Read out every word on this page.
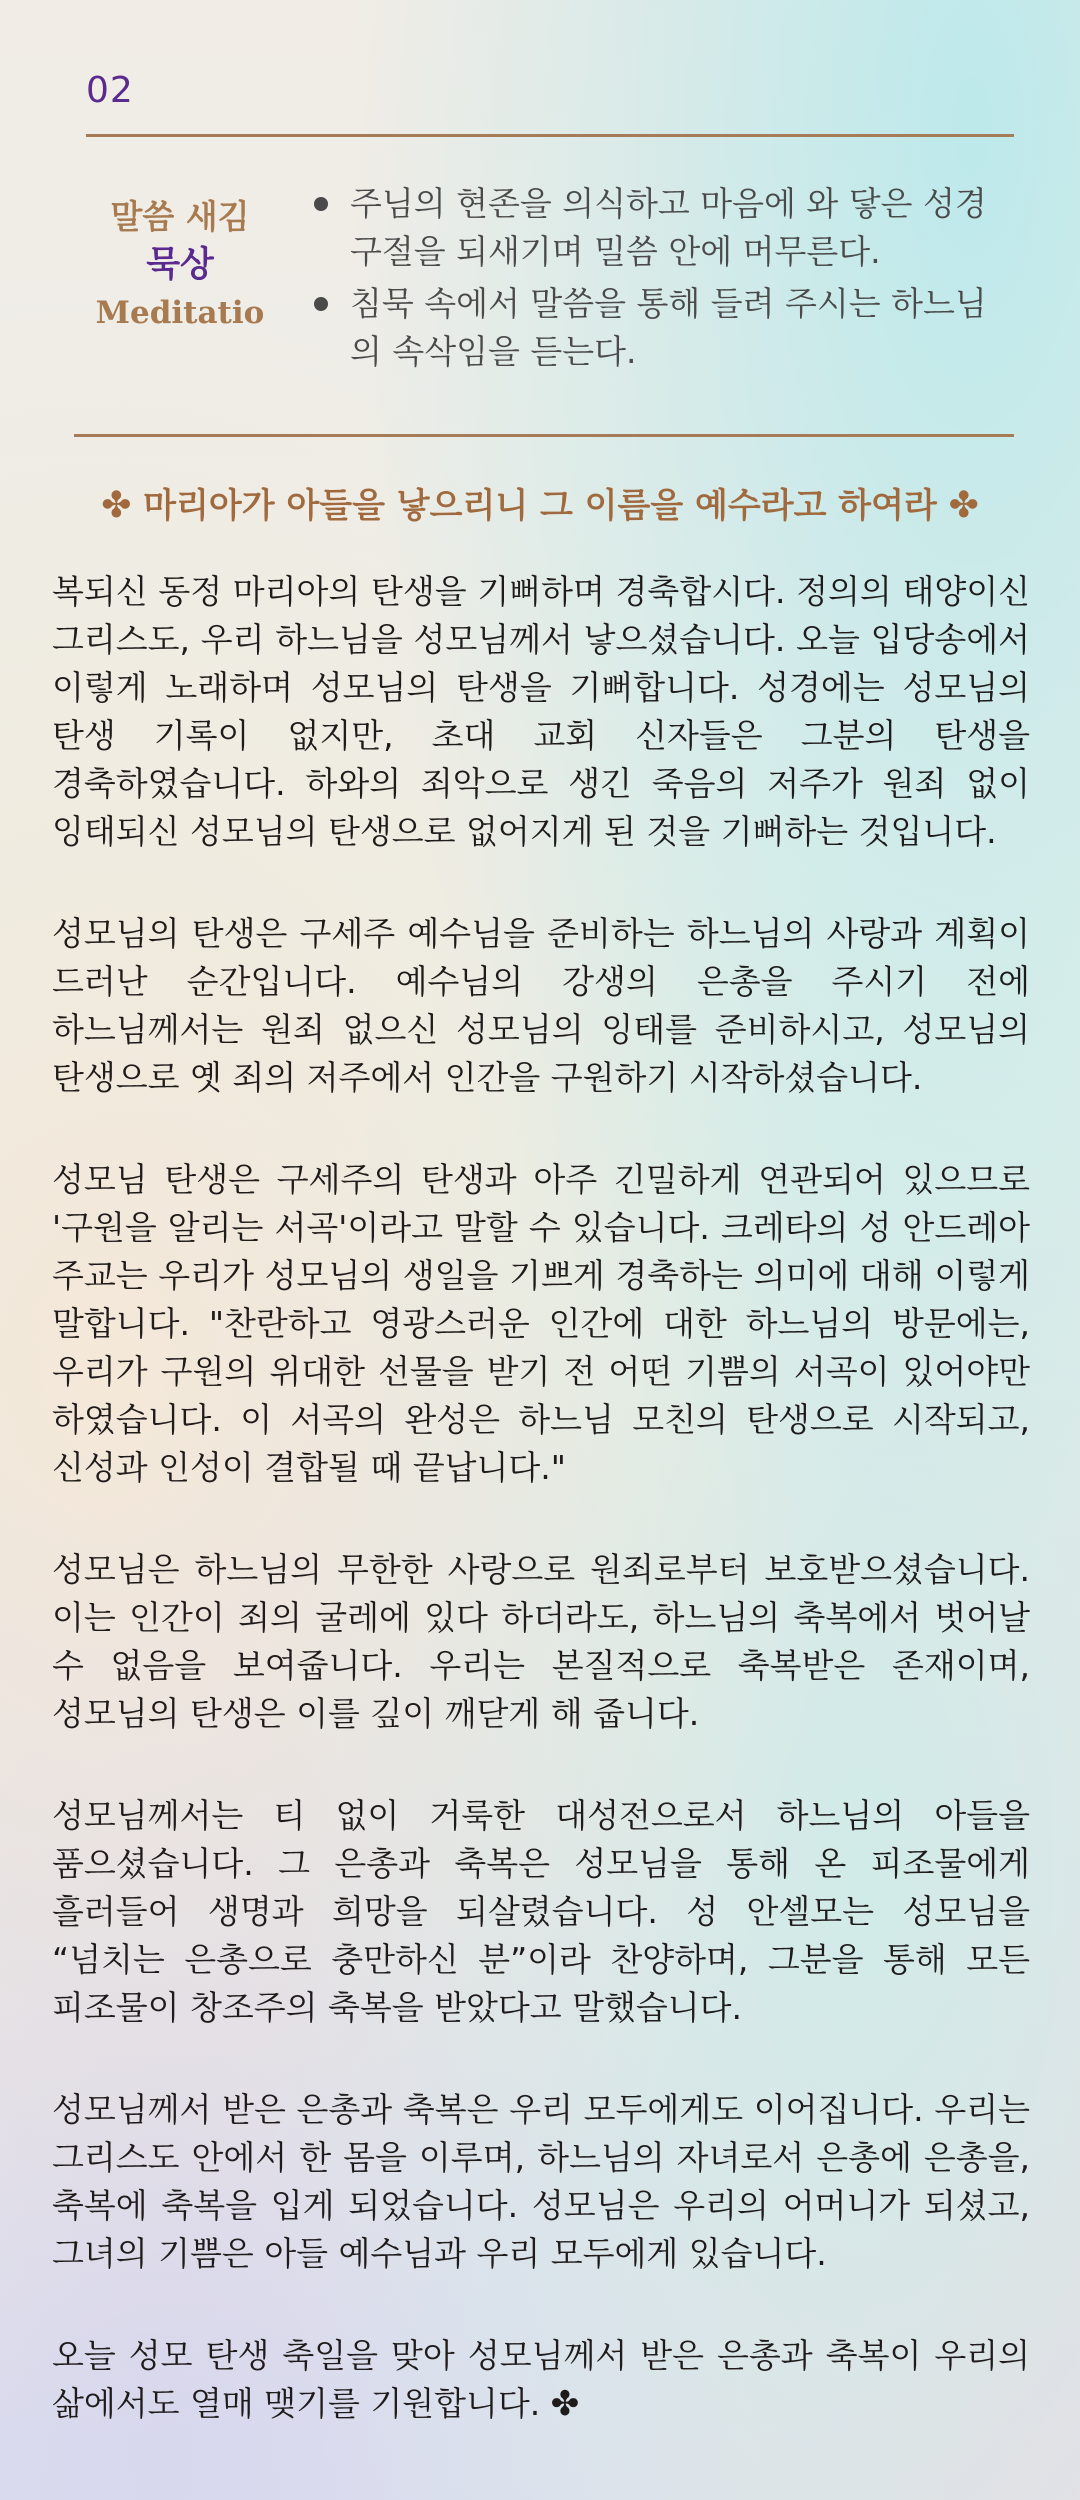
02
말씀 새김
묵상
Meditatio
주님의 현존을 의식하고 마음에 와 닿은 성경구절을 되새기며 밀씀 안에 머무른다.
침묵 속에서 말씀을 통해 들려 주시는 하느님의 속삭임을 듣는다.
✤ 마리아가 아들을 낳으리니 그 이름을 예수라고 하여라 ✤

복되신 동정 마리아의 탄생을 기뻐하며 경축합시다. 정의의 태양이신 그리스도, 우리 하느님을 성모님께서 낳으셨습니다. 오늘 입당송에서 이렇게 노래하며 성모님의 탄생을 기뻐합니다. 성경에는 성모님의 탄생 기록이 없지만, 초대 교회 신자들은 그분의 탄생을 경축하였습니다. 하와의 죄악으로 생긴 죽음의 저주가 원죄 없이 잉태되신 성모님의 탄생으로 없어지게 된 것을 기뻐하는 것입니다.

성모님의 탄생은 구세주 예수님을 준비하는 하느님의 사랑과 계획이 드러난 순간입니다. 예수님의 강생의 은총을 주시기 전에 하느님께서는 원죄 없으신 성모님의 잉태를 준비하시고, 성모님의 탄생으로 옛 죄의 저주에서 인간을 구원하기 시작하셨습니다.

성모님 탄생은 구세주의 탄생과 아주 긴밀하게 연관되어 있으므로 '구원을 알리는 서곡'이라고 말할 수 있습니다. 크레타의 성 안드레아 주교는 우리가 성모님의 생일을 기쁘게 경축하는 의미에 대해 이렇게 말합니다. "찬란하고 영광스러운 인간에 대한 하느님의 방문에는, 우리가 구원의 위대한 선물을 받기 전 어떤 기쁨의 서곡이 있어야만 하였습니다. 이 서곡의 완성은 하느님 모친의 탄생으로 시작되고, 신성과 인성이 결합될 때 끝납니다."

성모님은 하느님의 무한한 사랑으로 원죄로부터 보호받으셨습니다. 이는 인간이 죄의 굴레에 있다 하더라도, 하느님의 축복에서 벗어날 수 없음을 보여줍니다. 우리는 본질적으로 축복받은 존재이며, 성모님의 탄생은 이를 깊이 깨닫게 해 줍니다.

성모님께서는 티 없이 거룩한 대성전으로서 하느님의 아들을 품으셨습니다. 그 은총과 축복은 성모님을 통해 온 피조물에게 흘러들어 생명과 희망을 되살렸습니다. 성 안셀모는 성모님을 “넘치는 은총으로 충만하신 분”이라 찬양하며, 그분을 통해 모든 피조물이 창조주의 축복을 받았다고 말했습니다.

성모님께서 받은 은총과 축복은 우리 모두에게도 이어집니다. 우리는 그리스도 안에서 한 몸을 이루며, 하느님의 자녀로서 은총에 은총을, 축복에 축복을 입게 되었습니다. 성모님은 우리의 어머니가 되셨고, 그녀의 기쁨은 아들 예수님과 우리 모두에게 있습니다.

오늘 성모 탄생 축일을 맞아 성모님께서 받은 은총과 축복이 우리의 삶에서도 열매 맺기를 기원합니다. ✤
